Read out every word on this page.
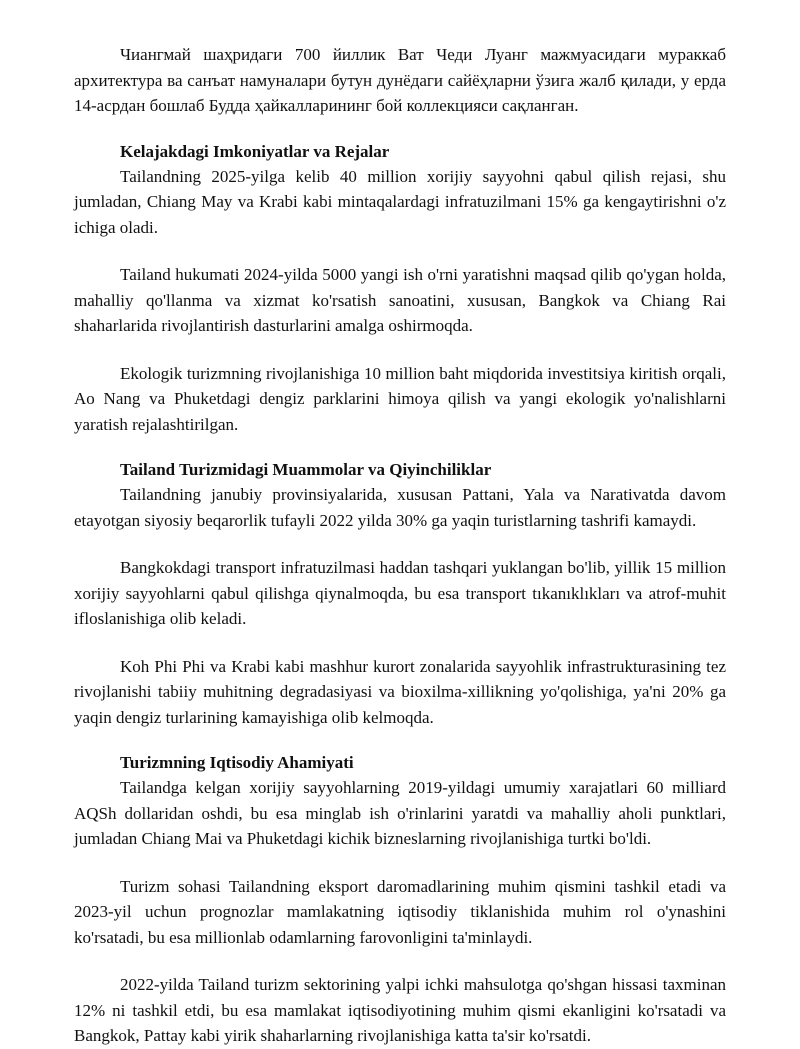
Чиангмай шаҳридаги 700 йиллик Ват Чеди Луанг мажмуасидаги мураккаб архитектура ва санъат намуналари бутун дунёдаги сайёҳларни ўзига жалб қилади, у ерда 14-асрдан бошлаб Будда ҳайкалларининг бой коллекцияси сақланган.

Kelajakdagi Imkoniyatlar va Rejalar

Tailandning 2025-yilga kelib 40 million xorijiy sayyohni qabul qilish rejasi, shu jumladan, Chiang May va Krabi kabi mintaqalardagi infratuzilmani 15% ga kengaytirishni o'z ichiga oladi.

Tailand hukumati 2024-yilda 5000 yangi ish o'rni yaratishni maqsad qilib qo'ygan holda, mahalliy qo'llanma va xizmat ko'rsatish sanoatini, xususan, Bangkok va Chiang Rai shaharlarida rivojlantirish dasturlarini amalga oshirmoqda.

Ekologik turizmning rivojlanishiga 10 million baht miqdorida investitsiya kiritish orqali, Ao Nang va Phuketdagi dengiz parklarini himoya qilish va yangi ekologik yo'nalishlarni yaratish rejalashtirilgan.

Tailand Turizmidagi Muammolar va Qiyinchiliklar

Tailandning janubiy provinsiyalarida, xususan Pattani, Yala va Narativatda davom etayotgan siyosiy beqarorlik tufayli 2022 yilda 30% ga yaqin turistlarning tashrifi kamaydi.

Bangkokdagi transport infratuzilmasi haddan tashqari yuklangan bo'lib, yillik 15 million xorijiy sayyohlarni qabul qilishga qiynalmoqda, bu esa transport tıkanıklıkları va atrof-muhit ifloslanishiga olib keladi.

Koh Phi Phi va Krabi kabi mashhur kurort zonalarida sayyohlik infrastrukturasining tez rivojlanishi tabiiy muhitning degradasiyasi va bioxilma-xillikning yo'qolishiga, ya'ni 20% ga yaqin dengiz turlarining kamayishiga olib kelmoqda.

Turizmning Iqtisodiy Ahamiyati

Tailandga kelgan xorijiy sayyohlarning 2019-yildagi umumiy xarajatlari 60 milliard AQSh dollaridan oshdi, bu esa minglab ish o'rinlarini yaratdi va mahalliy aholi punktlari, jumladan Chiang Mai va Phuketdagi kichik bizneslarning rivojlanishiga turtki bo'ldi.

Turizm sohasi Tailandning eksport daromadlarining muhim qismini tashkil etadi va 2023-yil uchun prognozlar mamlakatning iqtisodiy tiklanishida muhim rol o'ynashini ko'rsatadi, bu esa millionlab odamlarning farovonligini ta'minlaydi.

2022-yilda Tailand turizm sektorining yalpi ichki mahsulotga qo'shgan hissasi taxminan 12% ni tashkil etdi, bu esa mamlakat iqtisodiyotining muhim qismi ekanligini ko'rsatadi va Bangkok, Pattay kabi yirik shaharlarning rivojlanishiga katta ta'sir ko'rsatdi.
